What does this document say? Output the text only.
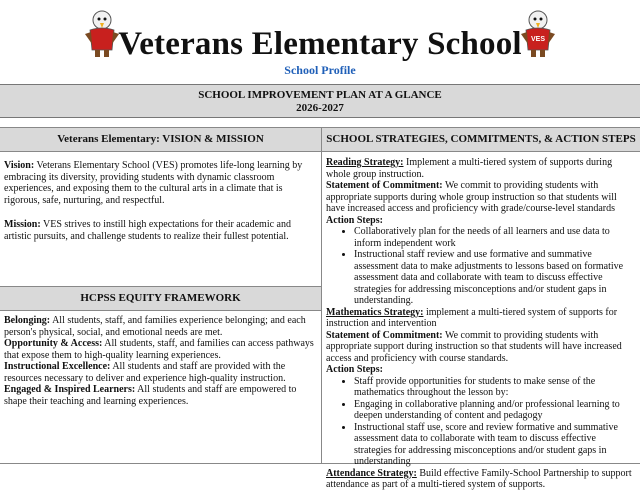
VES
Veterans Elementary School
School Profile
SCHOOL IMPROVEMENT PLAN AT A GLANCE
2026-2027
Veterans Elementary: VISION & MISSION
Vision: Veterans Elementary School (VES) promotes life-long learning by embracing its diversity, providing students with dynamic classroom experiences, and exposing them to the cultural arts in a climate that is rigorous, safe, nurturing, and respectful.
Mission: VES strives to instill high expectations for their academic and artistic pursuits, and challenge students to realize their fullest potential.
HCPSS EQUITY FRAMEWORK
Belonging: All students, staff, and families experience belonging; and each person's physical, social, and emotional needs are met.
Opportunity & Access: All students, staff, and families can access pathways that expose them to high-quality learning experiences.
Instructional Excellence: All students and staff are provided with the resources necessary to deliver and experience high-quality instruction.
Engaged & Inspired Learners: All students and staff are empowered to shape their teaching and learning experiences.
SCHOOL STRATEGIES, COMMITMENTS, & ACTION STEPS
Reading Strategy: Implement a multi-tiered system of supports during whole group instruction.
Statement of Commitment: We commit to providing students with appropriate supports during whole group instruction so that students will have increased access and proficiency with grade/course-level standards
Action Steps:
• Collaboratively plan for the needs of all learners and use data to inform independent work
• Instructional staff review and use formative and summative assessment data to make adjustments to lessons based on formative assessment data and collaborate with team to discuss effective strategies for addressing misconceptions and/or student gaps in understanding.
Mathematics Strategy: implement a multi-tiered system of supports for instruction and intervention
Statement of Commitment: We commit to providing students with appropriate support during instruction so that students will have increased access and proficiency with course standards.
Action Steps:
• Staff provide opportunities for students to make sense of the mathematics throughout the lesson by:
• Engaging in collaborative planning and/or professional learning to deepen understanding of content and pedagogy
• Instructional staff use, score and review formative and summative assessment data to collaborate with team to discuss effective strategies for addressing misconceptions and/or student gaps in understanding
Attendance Strategy: Build effective Family-School Partnership to support attendance as part of a multi-tiered system of supports.
